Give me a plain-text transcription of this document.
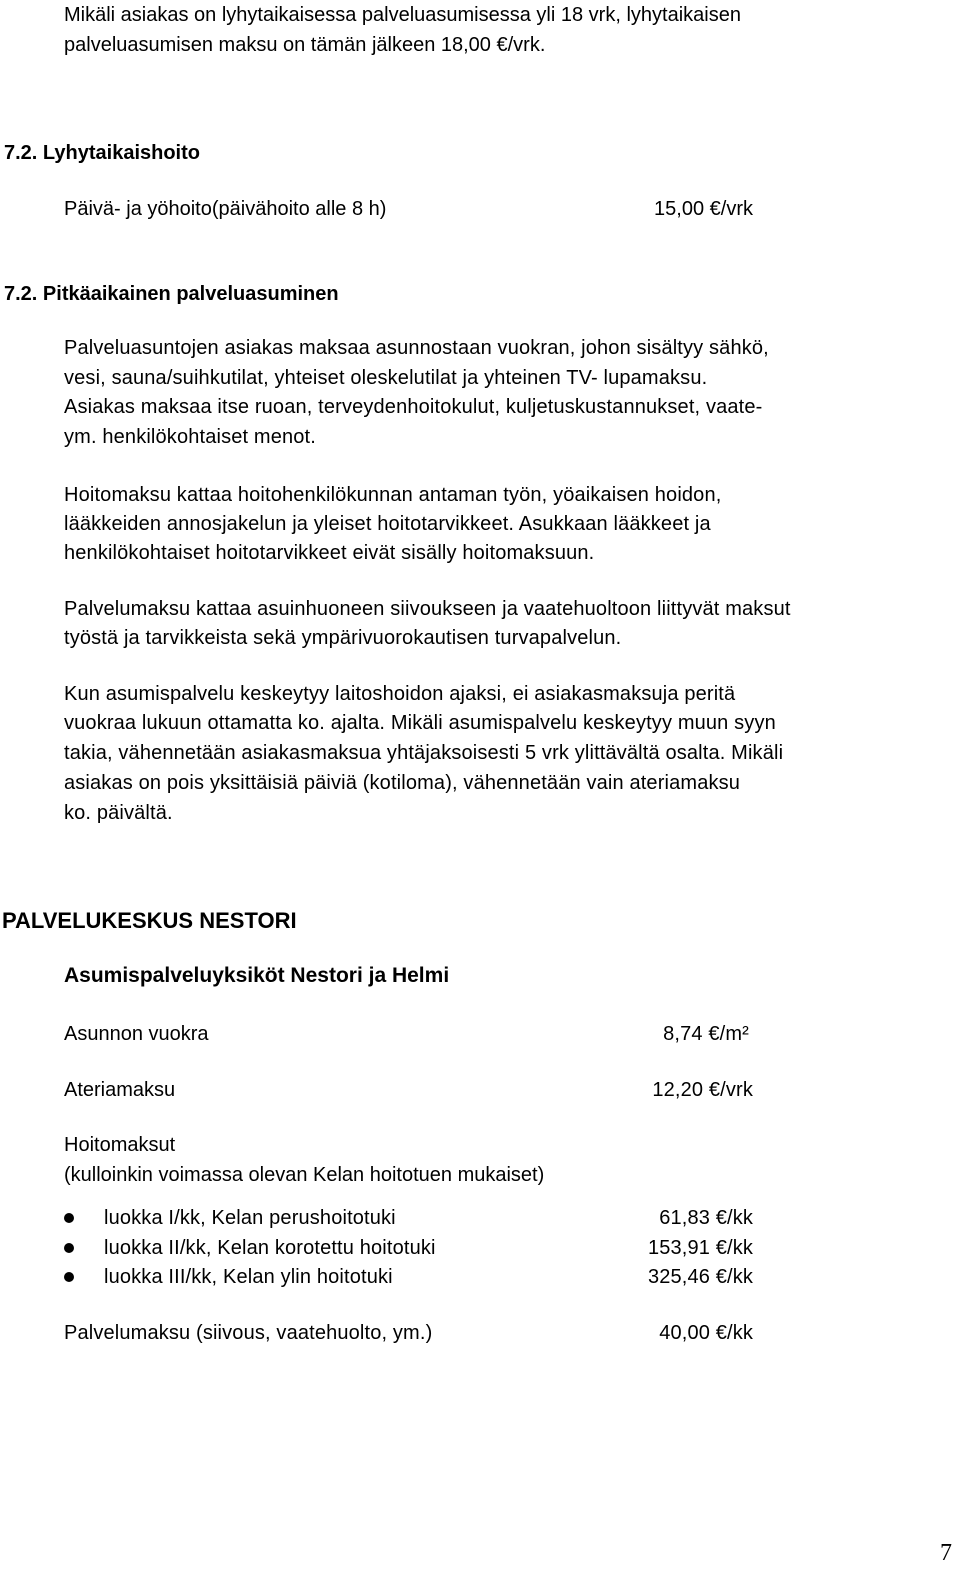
Mikäli asiakas on lyhytaikaisessa palveluasumisessa yli 18 vrk, lyhytaikaisen
palveluasumisen maksu on tämän jälkeen 18,00 €/vrk.
7.2. Lyhytaikaishoito
Päivä- ja yöhoito(päivähoito alle 8 h)	15,00 €/vrk
7.2. Pitkäaikainen palveluasuminen
Palveluasuntojen asiakas maksaa asunnostaan vuokran, johon sisältyy sähkö,
vesi, sauna/suihkutilat, yhteiset oleskelutilat ja yhteinen TV- lupamaksu.
Asiakas maksaa itse ruoan, terveydenhoitokulut, kuljetuskustannukset, vaate-
ym. henkilökohtaiset menot.
Hoitomaksu kattaa hoitohenkilökunnan antaman työn, yöaikaisen hoidon,
lääkkeiden annosjakelun ja yleiset hoitotarvikkeet. Asukkaan lääkkeet ja
henkilökohtaiset hoitotarvikkeet eivät sisälly hoitomaksuun.
Palvelumaksu kattaa asuinhuoneen siivoukseen ja vaatehuoltoon liittyvät maksut
työstä ja tarvikkeista sekä ympärivuorokautisen turvapalvelun.
Kun asumispalvelu keskeytyy laitoshoidon ajaksi, ei asiakasmaksuja peritä
vuokraa lukuun ottamatta ko. ajalta. Mikäli asumispalvelu keskeytyy muun syyn
takia, vähennetään asiakasmaksua yhtäjaksoisesti 5 vrk ylittävältä osalta. Mikäli
asiakas on pois yksittäisiä päiviä (kotiloma), vähennetään vain ateriamaksu
ko. päivältä.
PALVELUKESKUS NESTORI
Asumispalveluyksiköt Nestori ja Helmi
Asunnon vuokra	8,74 €/m²
Ateriamaksu	12,20 €/vrk
Hoitomaksut
(kulloinkin voimassa olevan Kelan hoitotuen mukaiset)
luokka I/kk, Kelan perushoitotuki	61,83 €/kk
luokka II/kk, Kelan korotettu hoitotuki	153,91 €/kk
luokka III/kk, Kelan ylin hoitotuki	325,46 €/kk
Palvelumaksu (siivous, vaatehuolto, ym.)	40,00 €/kk
7
